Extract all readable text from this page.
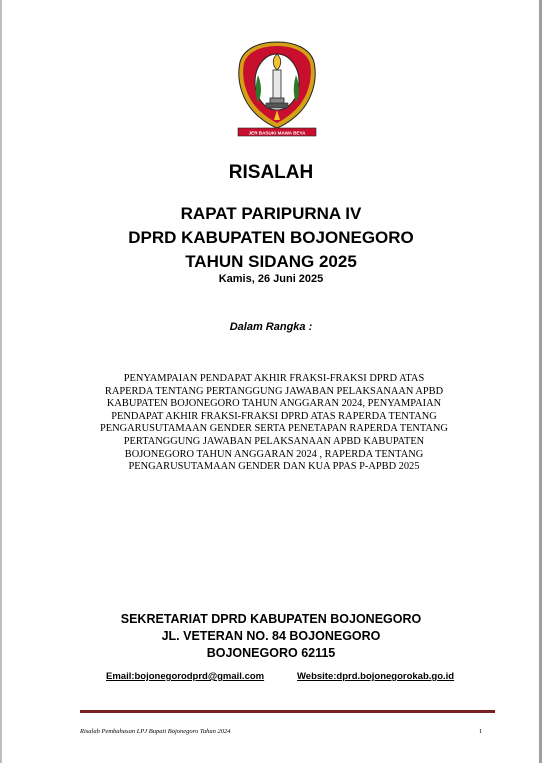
JER BASUKI MAWA BEYA
RISALAH
RAPAT PARIPURNA IV
DPRD KABUPATEN BOJONEGORO
TAHUN SIDANG 2025
Kamis, 26 Juni 2025
Dalam Rangka :
PENYAMPAIAN PENDAPAT AKHIR FRAKSI-FRAKSI DPRD ATAS
RAPERDA TENTANG PERTANGGUNG JAWABAN PELAKSANAAN APBD
KABUPATEN BOJONEGORO TAHUN ANGGARAN 2024, PENYAMPAIAN
PENDAPAT AKHIR FRAKSI-FRAKSI DPRD ATAS RAPERDA TENTANG
PENGARUSUTAMAAN GENDER SERTA PENETAPAN RAPERDA TENTANG
PERTANGGUNG JAWABAN PELAKSANAAN APBD KABUPATEN
BOJONEGORO TAHUN ANGGARAN 2024 , RAPERDA TENTANG
PENGARUSUTAMAAN GENDER DAN KUA PPAS P-APBD 2025
SEKRETARIAT DPRD KABUPATEN BOJONEGORO
JL. VETERAN NO. 84 BOJONEGORO
BOJONEGORO 62115
Email:bojonegorodprd@gmail.com	Website:dprd.bojonegorokab.go.id
Risalah Pembahasan LPJ Bupati Bojonegoro Tahun 2024	1
